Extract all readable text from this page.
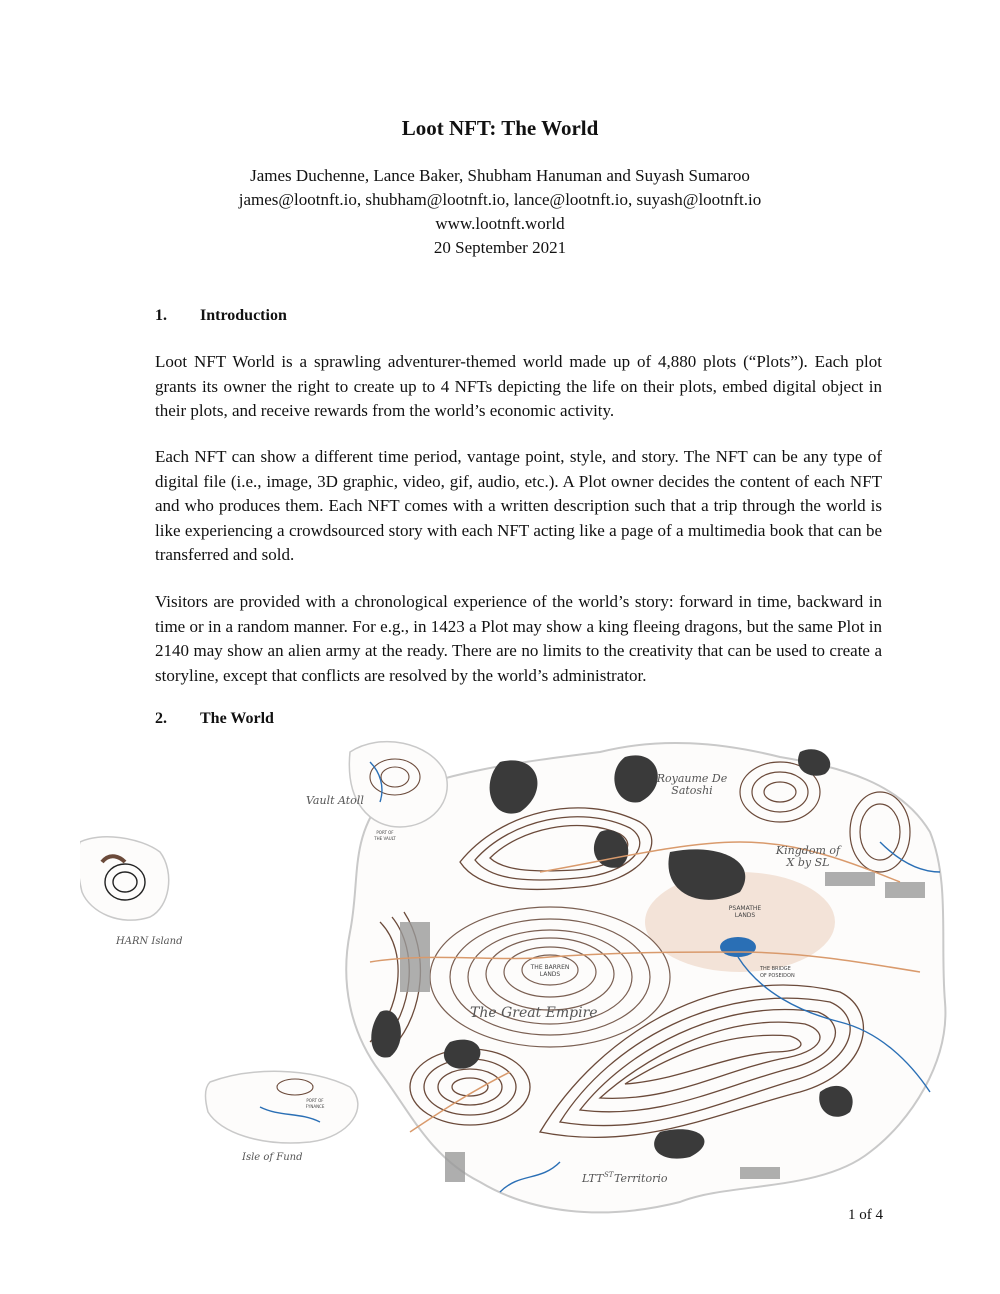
Loot NFT: The World
James Duchenne, Lance Baker, Shubham Hanuman and Suyash Sumaroo
james@lootnft.io, shubham@lootnft.io, lance@lootnft.io, suyash@lootnft.io
www.lootnft.world
20 September 2021
1. Introduction

Loot NFT World is a sprawling adventurer-themed world made up of 4,880 plots (“Plots”). Each plot grants its owner the right to create up to 4 NFTs depicting the life on their plots, embed digital object in their plots, and receive rewards from the world’s economic activity.

Each NFT can show a different time period, vantage point, style, and story. The NFT can be any type of digital file (i.e., image, 3D graphic, video, gif, audio, etc.). A Plot owner decides the content of each NFT and who produces them. Each NFT comes with a written description such that a trip through the world is like experiencing a crowdsourced story with each NFT acting like a page of a multimedia book that can be transferred and sold.

Visitors are provided with a chronological experience of the world’s story: forward in time, backward in time or in a random manner. For e.g., in 1423 a Plot may show a king fleeing dragons, but the same Plot in 2140 may show an alien army at the ready. There are no limits to the creativity that can be used to create a storyline, except that conflicts are resolved by the world’s administrator.

2. The World
Vault Atoll
HARN Island
Royaume De
Satoshi
Kingdom of
X by SL
The Great Empire
LTT ST Territorio
Isle of Fund
THE BARREN
LANDS
PSAMATHE
LANDS
THE BRIDGE
OF POSEIDON
PORT OF
THE VAULT
PORT OF
FYNANCE
1 of 4
